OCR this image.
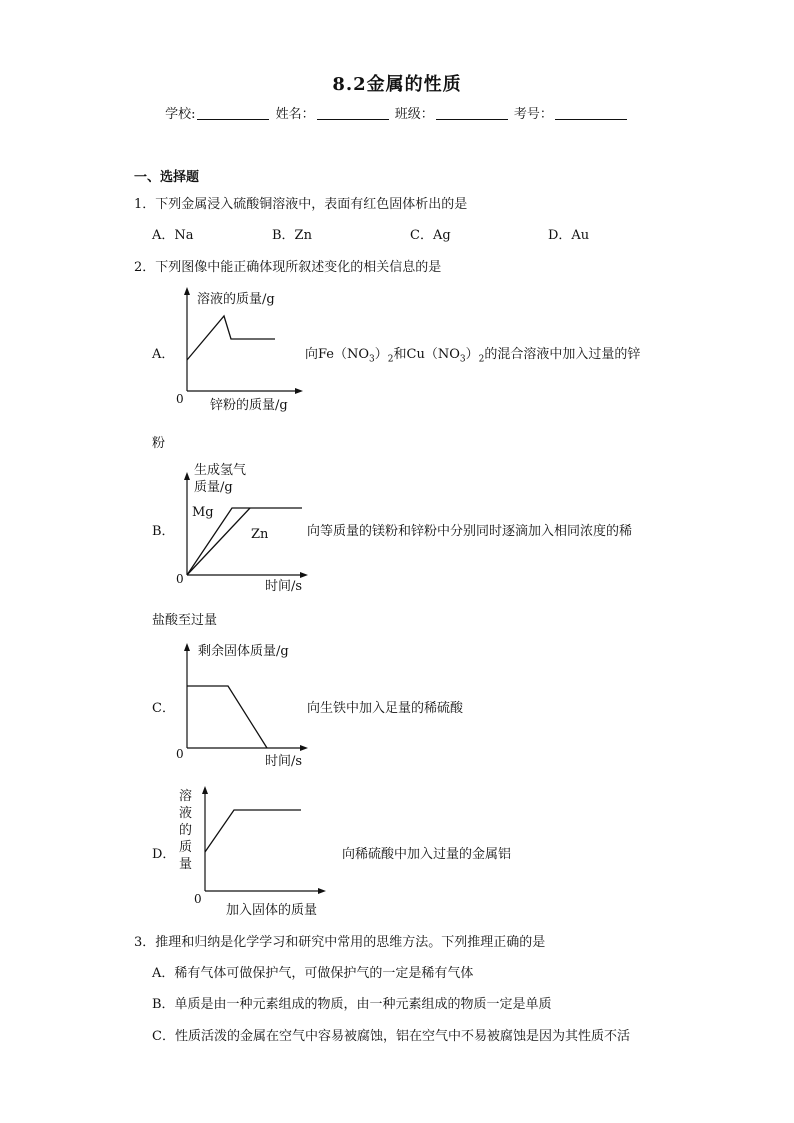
8.2金属的性质
学校:	姓名：	班级：	考号：
一、选择题
1．下列金属浸入硫酸铜溶液中，表面有红色固体析出的是
A．Na	B．Zn	C．Ag	D．Au
2．下列图像中能正确体现所叙述变化的相关信息的是
A．
溶液的质量/g
0 锌粉的质量/g
向$Fe(NO_3)_2$和$Cu(NO_3)_2$的混合溶液中加入过量的锌
粉
B．
生成氢气
质量/g
Mg
Zn
0	时间/s
向等质量的镁粉和锌粉中分别同时逐滴加入相同浓度的稀
盐酸至过量
C．
剩余固体质量/g
0	时间/s
向生铁中加入足量的稀硫酸
D．
溶
液
的
质
量
0
加入固体的质量
向稀硫酸中加入过量的金属铝
3．推理和归纳是化学学习和研究中常用的思维方法。下列推理正确的是
A．稀有气体可做保护气，可做保护气的一定是稀有气体
B．单质是由一种元素组成的物质，由一种元素组成的物质一定是单质
C．性质活泼的金属在空气中容易被腐蚀，铝在空气中不易被腐蚀是因为其性质不活
